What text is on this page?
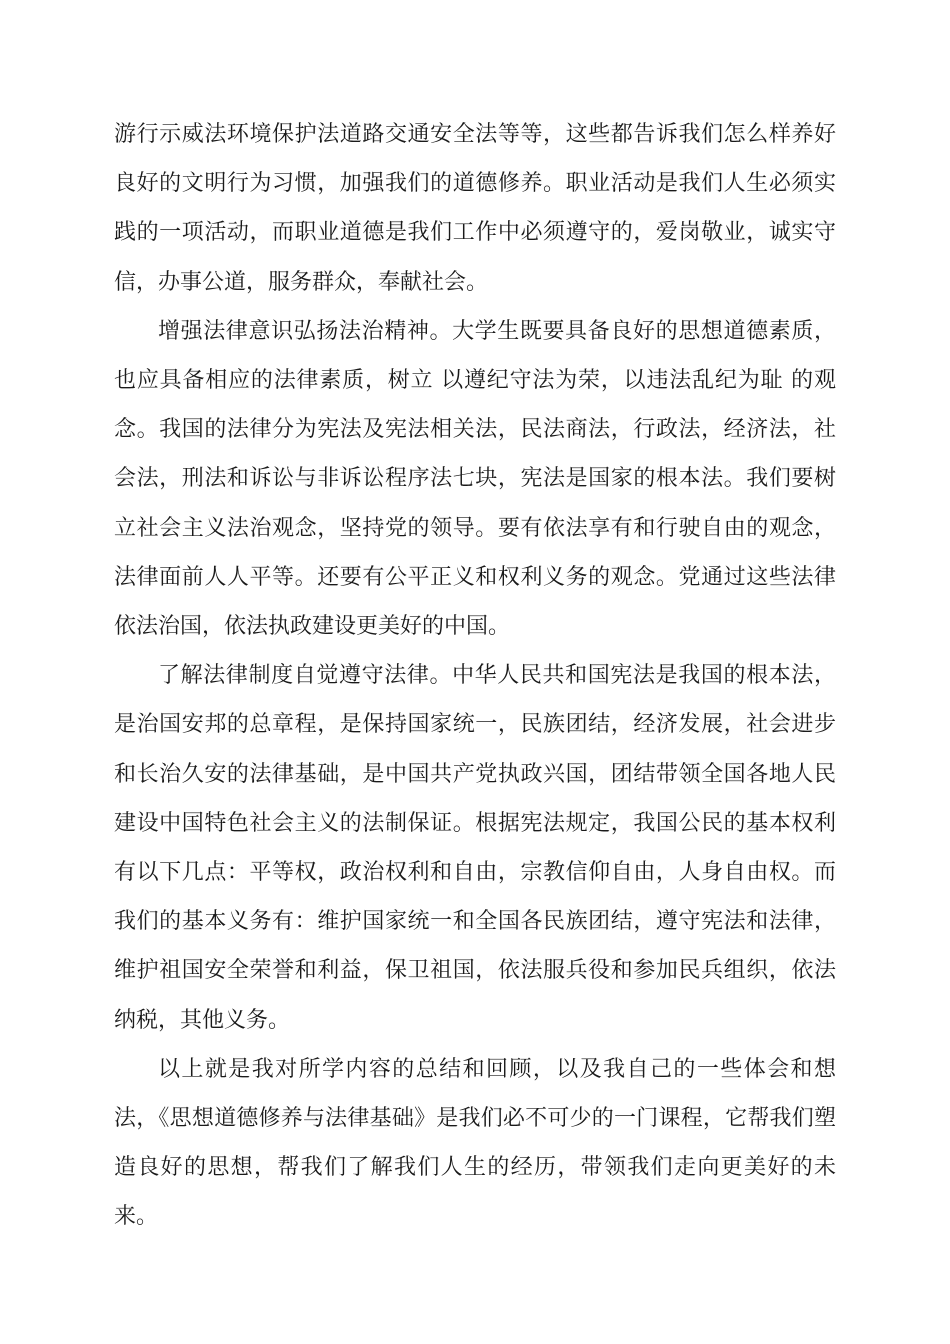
游行示威法环境保护法道路交通安全法等等，这些都告诉我们怎么样养好良好的文明行为习惯，加强我们的道德修养。职业活动是我们人生必须实践的一项活动，而职业道德是我们工作中必须遵守的，爱岗敬业，诚实守信，办事公道，服务群众，奉献社会。

增强法律意识弘扬法治精神。大学生既要具备良好的思想道德素质，也应具备相应的法律素质，树立 以遵纪守法为荣，以违法乱纪为耻 的观念。我国的法律分为宪法及宪法相关法，民法商法，行政法，经济法，社会法，刑法和诉讼与非诉讼程序法七块，宪法是国家的根本法。我们要树立社会主义法治观念，坚持党的领导。要有依法享有和行驶自由的观念，法律面前人人平等。还要有公平正义和权利义务的观念。党通过这些法律依法治国，依法执政建设更美好的中国。

了解法律制度自觉遵守法律。中华人民共和国宪法是我国的根本法，是治国安邦的总章程，是保持国家统一，民族团结，经济发展，社会进步和长治久安的法律基础，是中国共产党执政兴国，团结带领全国各地人民建设中国特色社会主义的法制保证。根据宪法规定，我国公民的基本权利有以下几点：平等权，政治权利和自由，宗教信仰自由，人身自由权。而我们的基本义务有：维护国家统一和全国各民族团结，遵守宪法和法律，维护祖国安全荣誉和利益，保卫祖国，依法服兵役和参加民兵组织，依法纳税，其他义务。

以上就是我对所学内容的总结和回顾，以及我自己的一些体会和想法，《思想道德修养与法律基础》是我们必不可少的一门课程，它帮我们塑造良好的思想，帮我们了解我们人生的经历，带领我们走向更美好的未来。
